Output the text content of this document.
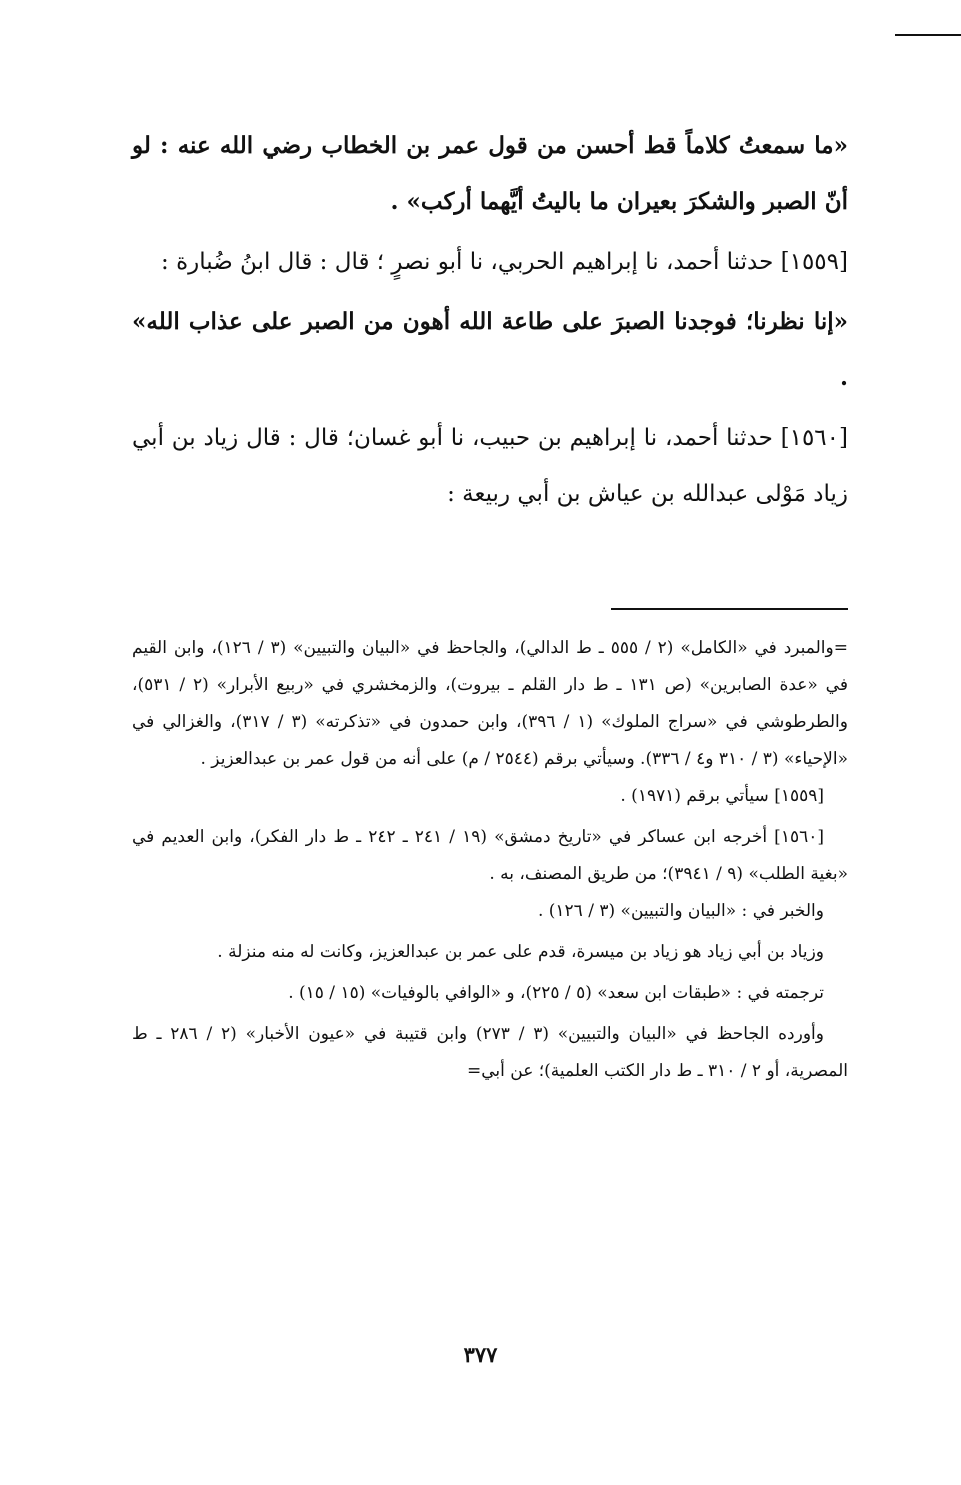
«ما سمعتُ كلاماً قط أحسن من قول عمر بن الخطاب رضي الله عنه : لو أنّ الصبر والشكرَ بعيران ما باليتُ أيَّهما أركب» .

[١٥٥٩] حدثنا أحمد، نا إبراهيم الحربي، نا أبو نصرٍ ؛ قال : قال ابنُ ضُبارة :

«إنا نظرنا؛ فوجدنا الصبرَ على طاعة الله أهون من الصبر على عذاب الله» .

[١٥٦٠] حدثنا أحمد، نا إبراهيم بن حبيب، نا أبو غسان؛ قال : قال زياد بن أبي زياد مَوْلى عبدالله بن عياش بن أبي ربيعة :

=والمبرد في «الكامل» (٢ / ٥٥٥ ـ ط الدالي)، والجاحظ في «البيان والتبيين» (٣ / ١٢٦)، وابن القيم في «عدة الصابرين» (ص ١٣١ ـ ط دار القلم ـ بيروت)، والزمخشري في «ربيع الأبرار» (٢ / ٥٣١)، والطرطوشي في «سراج الملوك» (١ / ٣٩٦)، وابن حمدون في «تذكرته» (٣ / ٣١٧)، والغزالي في «الإحياء» (٣ / ٣١٠ و٤ / ٣٣٦). وسيأتي برقم (٢٥٤٤ / م) على أنه من قول عمر بن عبدالعزيز .

[١٥٥٩] سيأتي برقم (١٩٧١) .

[١٥٦٠] أخرجه ابن عساكر في «تاريخ دمشق» (١٩ / ٢٤١ ـ ٢٤٢ ـ ط دار الفكر)، وابن العديم في «بغية الطلب» (٩ / ٣٩٤١)؛ من طريق المصنف، به .

والخبر في : «البيان والتبيين» (٣ / ١٢٦) .

وزياد بن أبي زياد هو زياد بن ميسرة، قدم على عمر بن عبدالعزيز، وكانت له منه منزلة .

ترجمته في : «طبقات ابن سعد» (٥ / ٢٢٥)، و «الوافي بالوفيات» (١٥ / ١٥) .

وأورده الجاحظ في «البيان والتبيين» (٣ / ٢٧٣) وابن قتيبة في «عيون الأخبار» (٢ / ٢٨٦ ـ ط المصرية، أو ٢ / ٣١٠ ـ ط دار الكتب العلمية)؛ عن أبي=

٣٧٧
